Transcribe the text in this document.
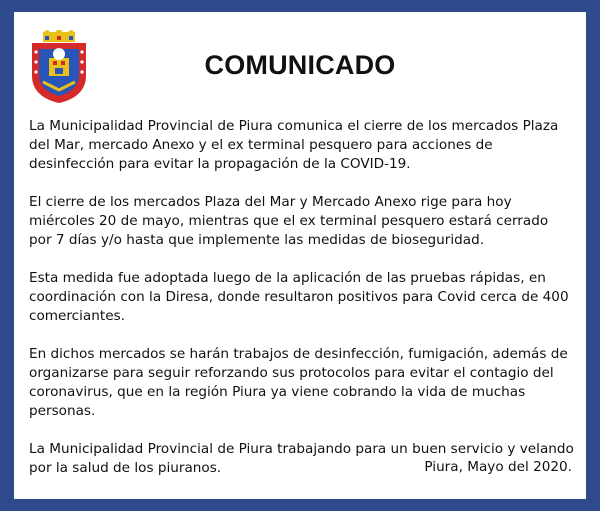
COMUNICADO

La Municipalidad Provincial de Piura comunica el cierre de los mercados Plaza del Mar, mercado Anexo y el ex terminal pesquero para acciones de desinfección para evitar la propagación de la COVID-19.

El cierre de los mercados Plaza del Mar y Mercado Anexo rige para hoy miércoles 20 de mayo, mientras que el ex terminal pesquero estará cerrado por 7 días y/o hasta que implemente las medidas de bioseguridad.

Esta medida fue adoptada luego de la aplicación de las pruebas rápidas, en coordinación con la Diresa, donde resultaron positivos para Covid cerca de 400 comerciantes.

En dichos mercados se harán trabajos de desinfección, fumigación, además de organizarse para seguir reforzando sus protocolos para evitar el contagio del coronavirus, que en la región Piura ya viene cobrando la vida de muchas personas.

La Municipalidad Provincial de Piura trabajando para un buen servicio y velando por la salud de los piuranos.	Piura, Mayo del 2020.
